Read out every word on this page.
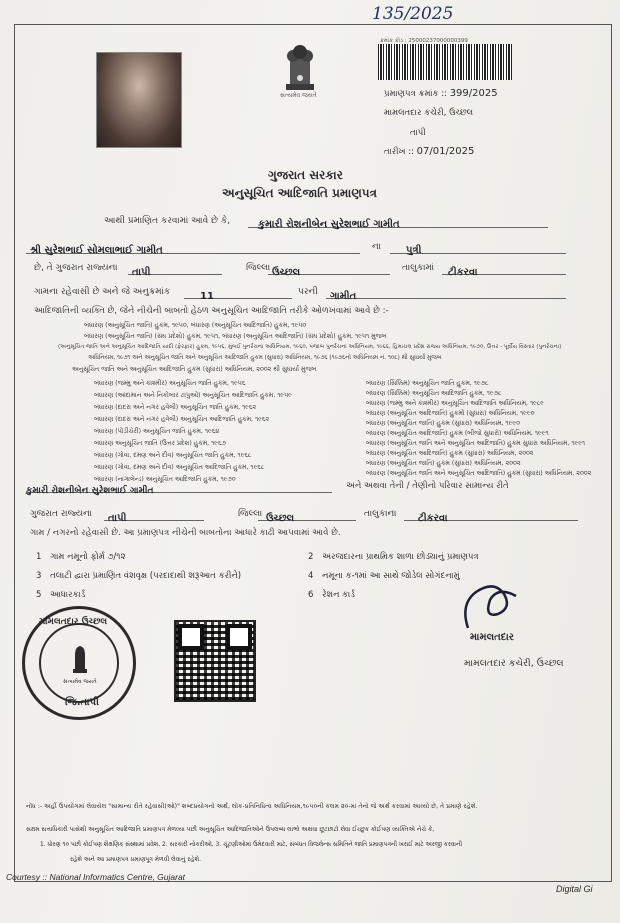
135/2025
સત્યમેવ જયતે
ક્રમાંક કોડ : 25000237000000399
પ્રમાણપત્ર ક્રમાંક :: 399/2025
મામલતદાર કચેરી, ઉચ્છલ
તાપી
તારીખ :: 07/01/2025
ગુજરાત સરકાર
અનુસૂચિત આદિજાતિ પ્રમાણપત્ર
આથી પ્રમાણિત કરવામાં આવે છે કે,	કુમારી રોશનીબેન સુરેશભાઈ ગામીત
શ્રી સુરેશભાઈ સોમલાભાઈ ગામીત	ના	પુત્રી
છે, તે ગુજરાત રાજ્યના	તાપી	જિલ્લા ઉચ્છલ	તાલુકામાં	ટીકરવા
ગામના રહેવાસી છે અને જે અનુક્રમાંક	11	પરની	ગામીત
આદિજાતિની વ્યક્તિ છે, જેને નીચેની બાબતો હેઠળ અનુસૂચિત આદિજાતિ તરીકે ઓળખવામાં આવે છે :-
બંધારણ (અનુસૂચિત જાતિ) હુકમ, ૧૯૫૦, બંધારણ (અનુસૂચિત આદિજાતિ) હુકમ, ૧૯૫૦
બંધારણ (અનુસૂચિત જાતિ) (સંઘ પ્રદેશો) હુકમ, ૧૯૫૧, બંધારણ (અનુસૂચિત આદિજાતિ) (સંઘ પ્રદેશો) હુકમ, ૧૯૫૧ મુજબ
(અનુસૂચિત જાતિ અને અનુસૂચિત આદિજાતિ યાદી (ફેરફાર) હુકમ, ૧૯૫૬, મુંબઈ પુનર્રચના અધિનિયમ, ૧૯૬૦, પંજાબ પુનર્રચના અધિનિયમ, ૧૯૬૬, હિમાચલ પ્રદેશ રાજ્ય અધિનિયમ, ૧૯૭૦, ઉત્તર - પૂર્વીય વિસ્તાર (પુનર્રચના)
અધિનિયમ, ૧૯૭૧ અને અનુસૂચિત જાતિ અને અનુસૂચિત આદિજાતિ હુકમ (સુધારા) અધિનિયમ, ૧૯૭૬ (૧૯૭૬નો અધિનિયમ નં. ૧૦૮) થી સુધાર્યા મુજબ
અનુસૂચિત જાતિ અને અનુસૂચિત આદિજાતિ હુકમ (સુધારા) અધિનિયમ, ૨૦૦૨ થી સુધાર્યા મુજબ
બંધારણ (જમ્મુ અને કાશ્મીર) અનુસૂચિત જાતિ હુકમ, ૧૯૫૬
બંધારણ (આંદામાન અને નિકોબાર ટાપુઓ) અનુસૂચિત આદિજાતિ હુકમ, ૧૯૫૯
બંધારણ (દાદરા અને નગર હવેલી) અનુસૂચિત જાતિ હુકમ, ૧૯૬૨
બંધારણ (દાદરા અને નગર હવેલી) અનુસૂચિત આદિજાતિ હુકમ, ૧૯૬૨
બંધારણ (પોંડીચેરી) અનુસૂચિત જાતિ હુકમ, ૧૯૬૪
બંધારણ અનુસૂચિત જાતિ (ઉત્તર પ્રદેશ) હુકમ, ૧૯૬૭
બંધારણ (ગોવા, દમણ અને દીવ) અનુસૂચિત જાતિ હુકમ, ૧૯૬૮
બંધારણ (ગોવા, દમણ અને દીવ) અનુસૂચિત આદિજાતિ હુકમ, ૧૯૬૮
બંધારણ (નાગાલેન્ડ) અનુસૂચિત આદિજાતિ હુકમ, ૧૯૭૦
બંધારણ (સિક્કિમ) અનુસૂચિત જાતિ હુકમ, ૧૯૭૮
બંધારણ (સિક્કિમ) અનુસૂચિત આદિજાતિ હુકમ, ૧૯૭૮
બંધારણ (જમ્મુ અને કાશ્મીર) અનુસૂચિત આદિજાતિ અધિનિયમ, ૧૯૮૯
બંધારણ (અનુસૂચિત આદિજાતિ) હુકમો (સુધારા) અધિનિયમ, ૧૯૯૦
બંધારણ (અનુસૂચિત જાતિ) હુકમ (સુધારા) અધિનિયમ, ૧૯૯૦
બંધારણ (અનુસૂચિત આદિજાતિ) હુકમ (બીજો સુધારો) અધિનિયમ, ૧૯૯૧
બંધારણ (અનુસૂચિત જાતિ અને અનુસૂચિત આદિજાતિ) હુકમ સુધારા અધિનિયમ, ૧૯૯૧
બંધારણ (અનુસૂચિત આદિજાતિ) હુકમ (સુધારા) અધિનિયમ, ૨૦૦૨
બંધારણ (અનુસૂચિત જાતિ) હુકમ (સુધારા) અધિનિયમ, ૨૦૦૨
બંધારણ (અનુસૂચિત જાતિ અને અનુસૂચિત આદિજાતિ) હુકમ (સુધારા) અધિનિયમ, ૨૦૦૨
કુમારી રોશનીબેન સુરેશભાઈ ગામીત	અને અથવા તેની / તેણીનો પરિવાર સામાન્ય રીતે
ગુજરાત રાજ્યના	તાપી	જિલ્લા ઉચ્છલ	તાલુકાના	ટીકરવા
ગામ / નગરનો રહેવાસી છે. આ પ્રમાણપત્ર નીચેની બાબતોના આધારે કાઢી આપવામાં આવે છે.
1 ગામ નમૂનો ફોર્મ ૭/૧૨	2 અરજદારના પ્રાથમિક શાળા છોડ્યાનું પ્રમાણપત્ર
3 તલાટી દ્વારા પ્રમાણિત વંશવૃક્ષ (પરદાદાથી શરૂઆત કરીને)	4 નમૂના ક-૧માં આ સાથે જોડેલ સોગંદનામું
5 આધારકાર્ડ	6 રેશન કાર્ડ
મામલતદાર ઉચ્છલ
સત્યમેવ જયતે
જિ.તાપી
મામલતદાર
મામલતદાર કચેરી, ઉચ્છલ
નોંધ :- અહીં ઉપયોગમાં લેવાયેલ "સામાન્ય રીતે રહેવાસી(ઓ)" શબ્દપ્રયોગનો અર્થ, લોક-પ્રતિનિધિત્વ અધિનિયમ,૧૯૫૦ની કલમ ૨૦-માં તેનો જે અર્થ કરવામાં આવ્યો છે, તે પ્રમાણે રહેશે.
સક્ષમ સત્તાધિકારી પાસેથી અનુસૂચિત આદિજાતિ પ્રમાણપત્ર મેળવ્યા પછી અનુસૂચિત આદિજાતિઓને ઉપલબ્ધ લાભો અથવા છૂટછાટો લેવા ઈચ્છુક કોઈપણ વ્યક્તિએ નેચે કે,
1. ધોરણ ૧૦ પછી કોઈપણ શૈક્ષણિક સંસ્થામાં પ્રવેશ, 2. સરકારી નોકરીઓ, 3. ચૂંટણીઓમાં ઉમેદવારી માટે, સંબંધત વિજલેન્સ સમિતિને જાતિ પ્રમાણપત્રની ખરાઈ માટે અરજી કરવાની
રહેશે અને આ પ્રમાણપત્ર પ્રમાણપૂત્ર મેળવી લેવાનું રહેશે.
Courtesy :: National Informatics Centre, Gujarat
Digital Gi
